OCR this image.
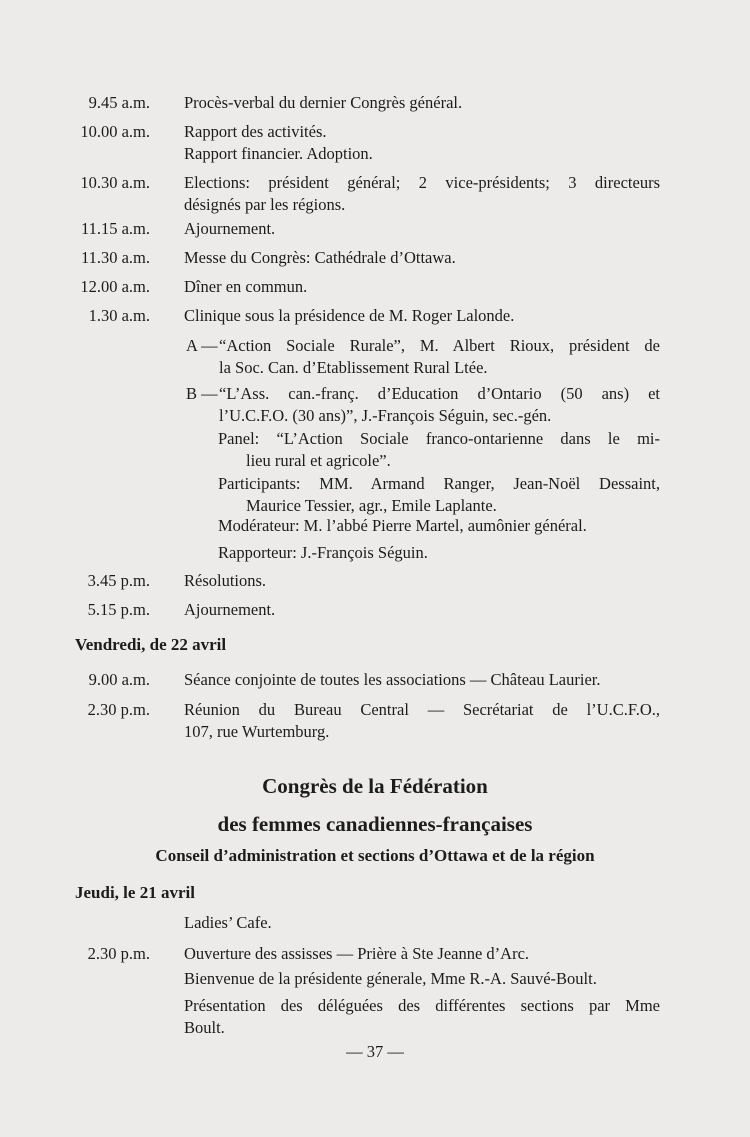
9.45 a.m. Procès-verbal du dernier Congrès général.
10.00 a.m. Rapport des activités.
Rapport financier. Adoption.
10.30 a.m. Elections: président général; 2 vice-présidents; 3 directeurs
désignés par les régions.
11.15 a.m. Ajournement.
11.30 a.m. Messe du Congrès: Cathédrale d’Ottawa.
12.00 a.m. Dîner en commun.
1.30 a.m. Clinique sous la présidence de M. Roger Lalonde.
A — “Action Sociale Rurale”, M. Albert Rioux, président de
la Soc. Can. d’Etablissement Rural Ltée.
B — “L’Ass. can.-franç. d’Education d’Ontario (50 ans) et
l’U.C.F.O. (30 ans)”, J.-François Séguin, sec.-gén.
Panel: “L’Action Sociale franco-ontarienne dans le mi-
lieu rural et agricole”.
Participants: MM. Armand Ranger, Jean-Noël Dessaint,
Maurice Tessier, agr., Emile Laplante.
Modérateur: M. l’abbé Pierre Martel, aumônier général.
Rapporteur: J.-François Séguin.
3.45 p.m. Résolutions.
5.15 p.m. Ajournement.
Vendredi, de 22 avril
9.00 a.m. Séance conjointe de toutes les associations — Château Laurier.
2.30 p.m. Réunion du Bureau Central — Secrétariat de l’U.C.F.O.,
107, rue Wurtemburg.
Congrès de la Fédération
des femmes canadiennes-françaises
Conseil d’administration et sections d’Ottawa et de la région
Jeudi, le 21 avril
Ladies’ Cafe.
2.30 p.m. Ouverture des assisses — Prière à Ste Jeanne d’Arc.
Bienvenue de la présidente génerale, Mme R.-A. Sauvé-Boult.
Présentation des déléguées des différentes sections par Mme
Boult.
— 37 —
